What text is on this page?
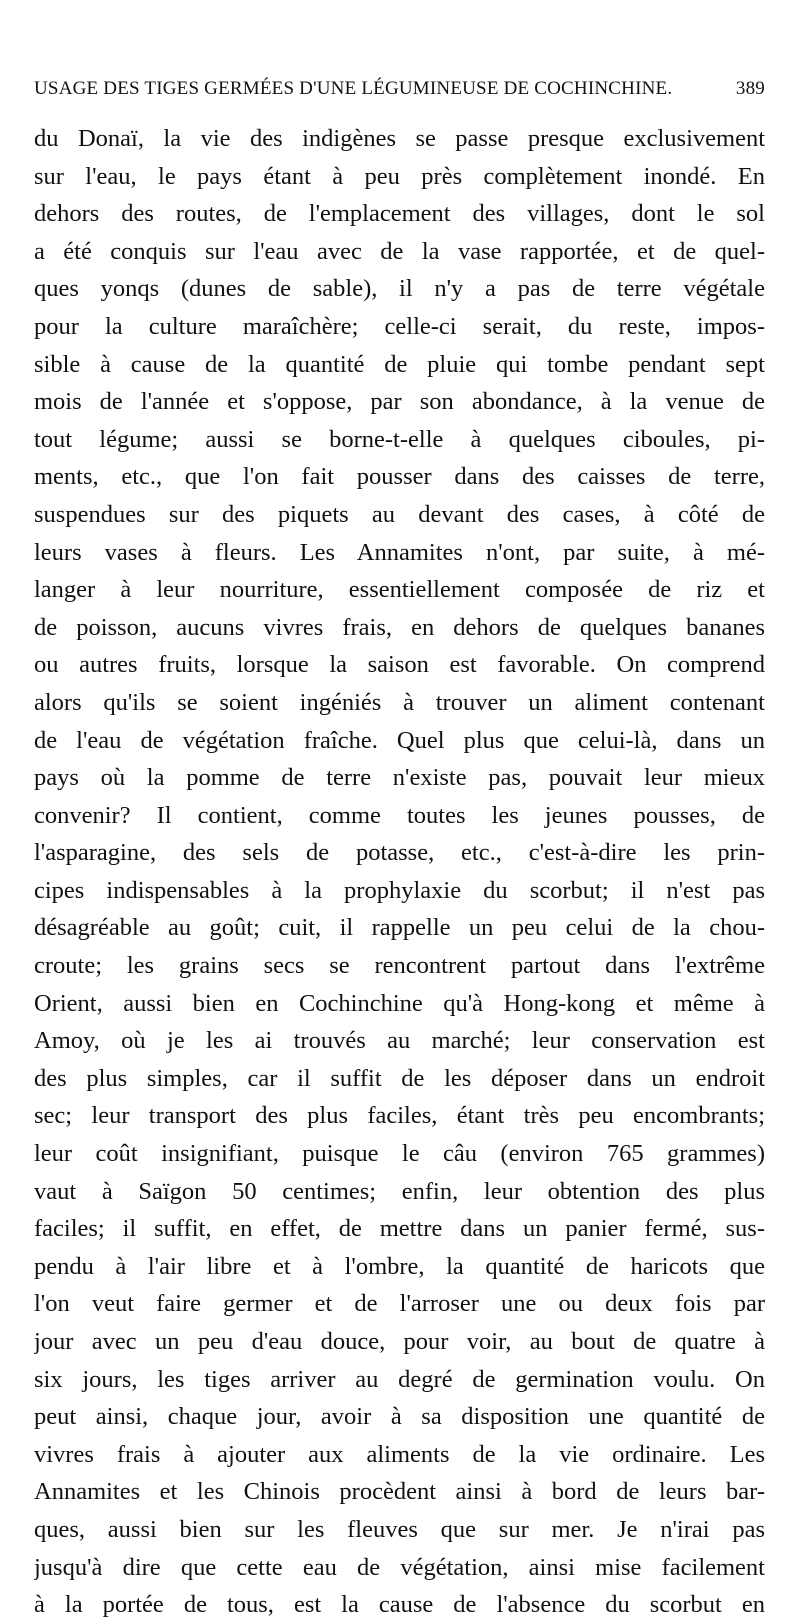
USAGE DES TIGES GERMÉES D'UNE LÉGUMINEUSE DE COCHINCHINE.	389
du Donaï, la vie des indigènes se passe presque exclusivement
sur l'eau, le pays étant à peu près complètement inondé. En
dehors des routes, de l'emplacement des villages, dont le sol
a été conquis sur l'eau avec de la vase rapportée, et de quel-
ques yonqs (dunes de sable), il n'y a pas de terre végétale
pour la culture maraîchère; celle-ci serait, du reste, impos-
sible à cause de la quantité de pluie qui tombe pendant sept
mois de l'année et s'oppose, par son abondance, à la venue de
tout légume; aussi se borne-t-elle à quelques ciboules, pi-
ments, etc., que l'on fait pousser dans des caisses de terre,
suspendues sur des piquets au devant des cases, à côté de
leurs vases à fleurs. Les Annamites n'ont, par suite, à mé-
langer à leur nourriture, essentiellement composée de riz et
de poisson, aucuns vivres frais, en dehors de quelques bananes
ou autres fruits, lorsque la saison est favorable. On comprend
alors qu'ils se soient ingéniés à trouver un aliment contenant
de l'eau de végétation fraîche. Quel plus que celui-là, dans un
pays où la pomme de terre n'existe pas, pouvait leur mieux
convenir? Il contient, comme toutes les jeunes pousses, de
l'asparagine, des sels de potasse, etc., c'est-à-dire les prin-
cipes indispensables à la prophylaxie du scorbut; il n'est pas
désagréable au goût; cuit, il rappelle un peu celui de la chou-
croute; les grains secs se rencontrent partout dans l'extrême
Orient, aussi bien en Cochinchine qu'à Hong-kong et même à
Amoy, où je les ai trouvés au marché; leur conservation est
des plus simples, car il suffit de les déposer dans un endroit
sec; leur transport des plus faciles, étant très peu encombrants;
leur coût insignifiant, puisque le câu (environ 765 grammes)
vaut à Saïgon 50 centimes; enfin, leur obtention des plus
faciles; il suffit, en effet, de mettre dans un panier fermé, sus-
pendu à l'air libre et à l'ombre, la quantité de haricots que
l'on veut faire germer et de l'arroser une ou deux fois par
jour avec un peu d'eau douce, pour voir, au bout de quatre à
six jours, les tiges arriver au degré de germination voulu. On
peut ainsi, chaque jour, avoir à sa disposition une quantité de
vivres frais à ajouter aux aliments de la vie ordinaire. Les
Annamites et les Chinois procèdent ainsi à bord de leurs bar-
ques, aussi bien sur les fleuves que sur mer. Je n'irai pas
jusqu'à dire que cette eau de végétation, ainsi mise facilement
à la portée de tous, est la cause de l'absence du scorbut en
